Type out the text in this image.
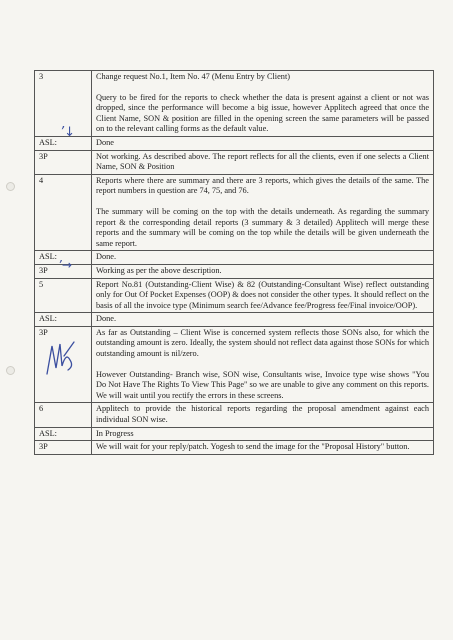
3	Change request No.1, Item No. 47 (Menu Entry by Client)

Query to be fired for the reports to check whether the data is present against a client or not was dropped, since the performance will become a big issue, however Applitech agreed that once the Client Name, SON & position are filled in the opening screen the same parameters will be passed on to the relevant calling forms as the default value.

ASL:	Done
3P	Not working. As described above. The report reflects for all the clients, even if one selects a Client Name, SON & Position
4	Reports where there are summary and there are 3 reports, which gives the details of the same. The report numbers in question are 74, 75, and 76.

The summary will be coming on the top with the details underneath. As regarding the summary report & the corresponding detail reports (3 summary & 3 detailed) Applitech will merge these reports and the summary will be coming on the top while the details will be given underneath the same report.

ASL:	Done.
3P	Working as per the above description.
5	Report No.81 (Outstanding-Client Wise) & 82 (Outstanding-Consultant Wise) reflect outstanding only for Out Of Pocket Expenses (OOP) & does not consider the other types. It should reflect on the basis of all the invoice type (Minimum search fee/Advance fee/Progress fee/Final invoice/OOP).
ASL:	Done.
3P	As far as Outstanding – Client Wise is concerned system reflects those SONs also, for which the outstanding amount is zero. Ideally, the system should not reflect data against those SONs for which outstanding amount is nil/zero.

However Outstanding- Branch wise, SON wise, Consultants wise, Invoice type wise shows "You Do Not Have The Rights To View This Page" so we are unable to give any comment on this reports. We will wait until you rectify the errors in these screens.

6	Applitech to provide the historical reports regarding the proposal amendment against each individual SON wise.
ASL:	In Progress
3P	We will wait for your reply/patch. Yogesh to send the image for the "Proposal History" button.
’↓
’→
